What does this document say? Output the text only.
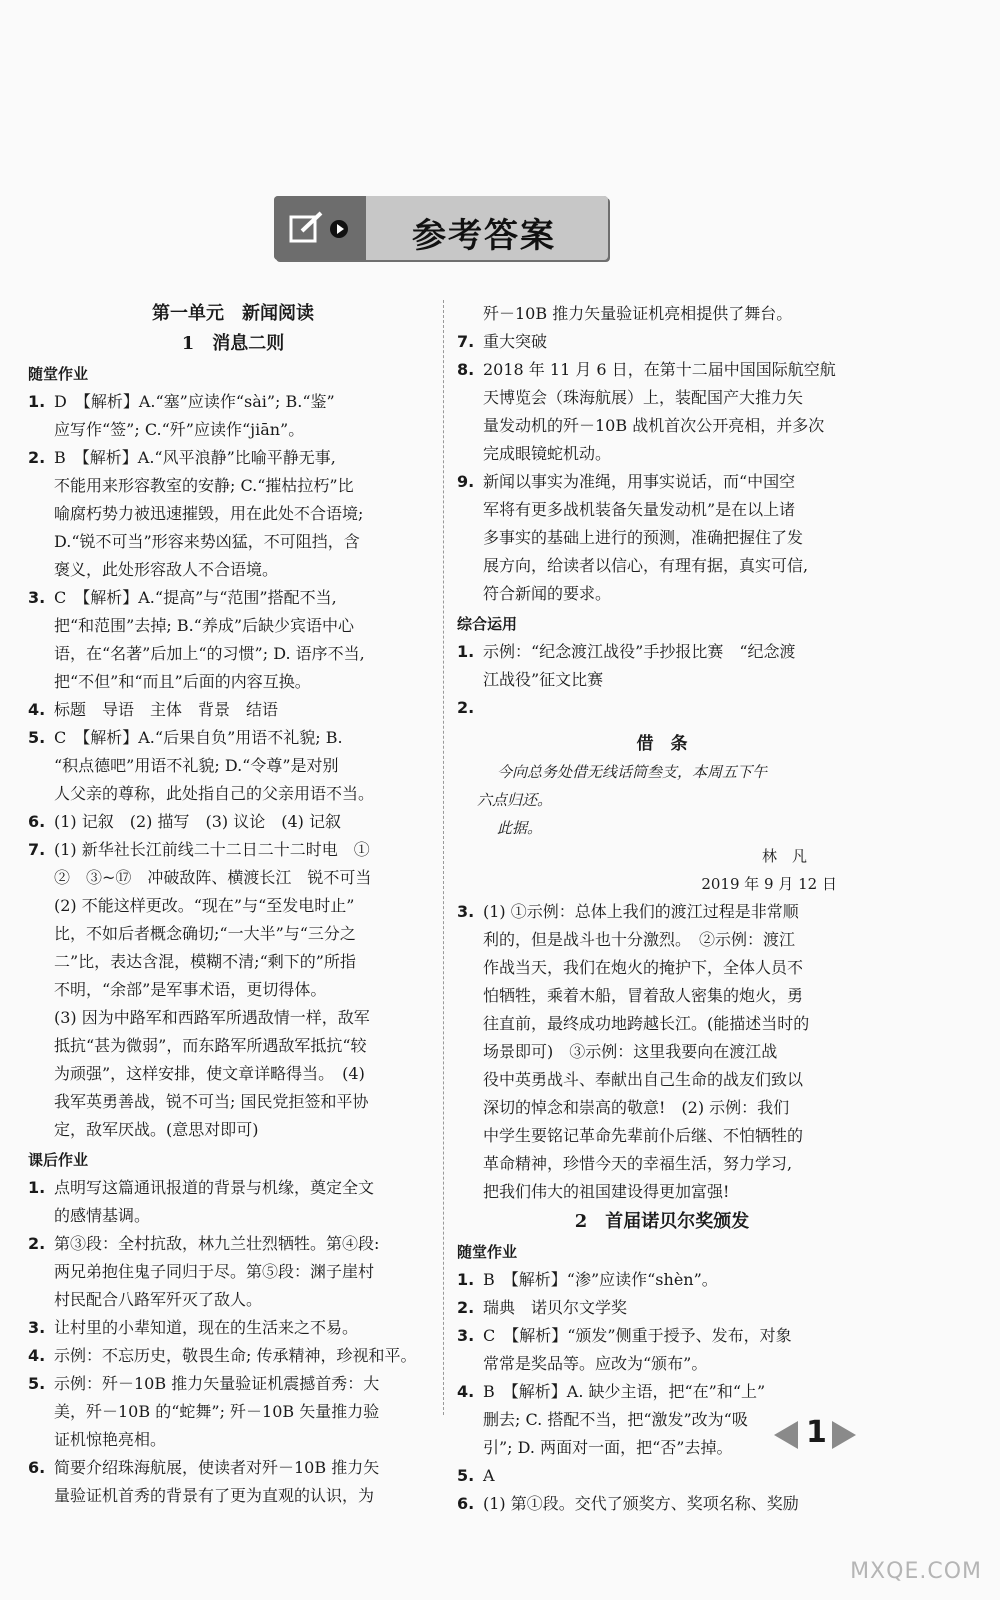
参考答案
第一单元　新闻阅读
1　消息二则
随堂作业
1. D　【解析】A.“塞”应读作“sài”; B.“鉴”
应写作“签”; C.“歼”应读作“jiān”。
2. B　【解析】A.“风平浪静”比喻平静无事,
不能用来形容教室的安静; C.“摧枯拉朽”比
喻腐朽势力被迅速摧毁，用在此处不合语境;
D.“锐不可当”形容来势凶猛，不可阻挡，含
褒义，此处形容敌人不合语境。
3. C　【解析】A.“提高”与“范围”搭配不当,
把“和范围”去掉; B.“养成”后缺少宾语中心
语，在“名著”后加上“的习惯”; D. 语序不当,
把“不但”和“而且”后面的内容互换。
4. 标题　导语　主体　背景　结语
5. C　【解析】A.“后果自负”用语不礼貌; B.
“积点德吧”用语不礼貌; D.“令尊”是对别
人父亲的尊称，此处指自己的父亲用语不当。
6. (1) 记叙　(2) 描写　(3) 议论　(4) 记叙
7. (1) 新华社长江前线二十二日二十二时电　①
②　③~⑰　冲破敌阵、横渡长江　锐不可当
(2) 不能这样更改。“现在”与“至发电时止”
比，不如后者概念确切;“一大半”与“三分之
二”比，表达含混，模糊不清;“剩下的”所指
不明，“余部”是军事术语，更切得体。
(3) 因为中路军和西路军所遇敌情一样，敌军
抵抗“甚为微弱”，而东路军所遇敌军抵抗“较
为顽强”，这样安排，使文章详略得当。　(4)
我军英勇善战，锐不可当; 国民党拒签和平协
定，敌军厌战。(意思对即可)
课后作业
1. 点明写这篇通讯报道的背景与机缘，奠定全文
的感情基调。
2. 第③段：全村抗敌，林九兰壮烈牺牲。第④段:
两兄弟抱住鬼子同归于尽。第⑤段：渊子崖村
村民配合八路军歼灭了敌人。
3. 让村里的小辈知道，现在的生活来之不易。
4. 示例：不忘历史，敬畏生命; 传承精神，珍视和平。
5. 示例：歼－10B 推力矢量验证机震撼首秀：大
美，歼－10B 的“蛇舞”; 歼－10B 矢量推力验
证机惊艳亮相。
6. 简要介绍珠海航展，使读者对歼－10B 推力矢
量验证机首秀的背景有了更为直观的认识，为
歼－10B 推力矢量验证机亮相提供了舞台。
7. 重大突破
8. 2018 年 11 月 6 日，在第十二届中国国际航空航
天博览会（珠海航展）上，装配国产大推力矢
量发动机的歼－10B 战机首次公开亮相，并多次
完成眼镜蛇机动。
9. 新闻以事实为准绳，用事实说话，而“中国空
军将有更多战机装备矢量发动机”是在以上诸
多事实的基础上进行的预测，准确把握住了发
展方向，给读者以信心，有理有据，真实可信,
符合新闻的要求。
综合运用
1. 示例：“纪念渡江战役”手抄报比赛　“纪念渡
江战役”征文比赛
2.
借　条
今向总务处借无线话筒叁支，本周五下午
六点归还。
此据。
林　凡
2019 年 9 月 12 日
3. (1) ①示例：总体上我们的渡江过程是非常顺
利的，但是战斗也十分激烈。　②示例：渡江
作战当天，我们在炮火的掩护下，全体人员不
怕牺牲，乘着木船，冒着敌人密集的炮火，勇
往直前，最终成功地跨越长江。(能描述当时的
场景即可)　③示例：这里我要向在渡江战
役中英勇战斗、奉献出自己生命的战友们致以
深切的悼念和崇高的敬意!　(2) 示例：我们
中学生要铭记革命先辈前仆后继、不怕牺牲的
革命精神，珍惜今天的幸福生活，努力学习,
把我们伟大的祖国建设得更加富强!
2　首届诺贝尔奖颁发
随堂作业
1. B　【解析】“渗”应读作“shèn”。
2. 瑞典　诺贝尔文学奖
3. C　【解析】“颁发”侧重于授予、发布，对象
常常是奖品等。应改为“颁布”。
4. B　【解析】A. 缺少主语，把“在”和“上”
删去; C. 搭配不当，把“激发”改为“吸
引”; D. 两面对一面，把“否”去掉。
5. A
6. (1) 第①段。交代了颁奖方、奖项名称、奖励
1
MXQE.COM
